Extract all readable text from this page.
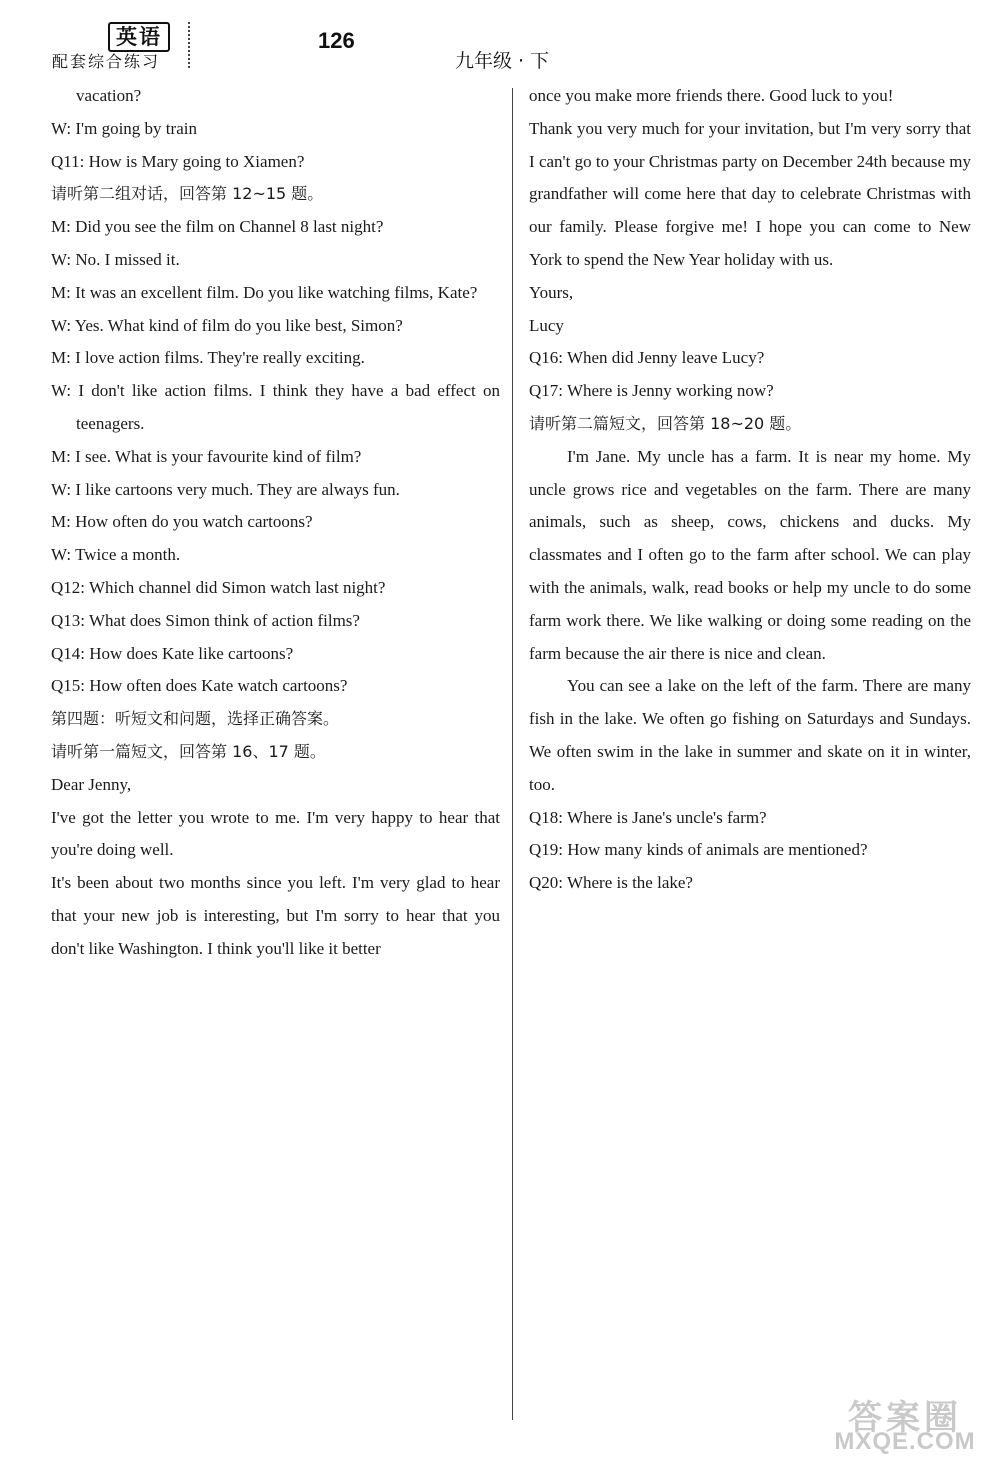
英语
配套综合练习
126
九年级 · 下

vacation?

W: I'm going by train

Q11: How is Mary going to Xiamen?

请听第二组对话，回答第 12~15 题。

M: Did you see the film on Channel 8 last night?

W: No. I missed it.

M: It was an excellent film. Do you like watching films, Kate?

W: Yes. What kind of film do you like best, Simon?

M: I love action films. They're really exciting.

W: I don't like action films. I think they have a bad effect on teenagers.

M: I see. What is your favourite kind of film?

W: I like cartoons very much. They are always fun.

M: How often do you watch cartoons?

W: Twice a month.

Q12: Which channel did Simon watch last night?

Q13: What does Simon think of action films?

Q14: How does Kate like cartoons?

Q15: How often does Kate watch cartoons?

第四题：听短文和问题，选择正确答案。

请听第一篇短文，回答第 16、17 题。

Dear Jenny,

I've got the letter you wrote to me. I'm very happy to hear that you're doing well.

It's been about two months since you left. I'm very glad to hear that your new job is interesting, but I'm sorry to hear that you don't like Washington. I think you'll like it better

once you make more friends there. Good luck to you!

Thank you very much for your invitation, but I'm very sorry that I can't go to your Christmas party on December 24th because my grandfather will come here that day to celebrate Christmas with our family. Please forgive me! I hope you can come to New York to spend the New Year holiday with us.

Yours,

Lucy

Q16: When did Jenny leave Lucy?

Q17: Where is Jenny working now?

请听第二篇短文，回答第 18~20 题。

I'm Jane. My uncle has a farm. It is near my home. My uncle grows rice and vegetables on the farm. There are many animals, such as sheep, cows, chickens and ducks. My classmates and I often go to the farm after school. We can play with the animals, walk, read books or help my uncle to do some farm work there. We like walking or doing some reading on the farm because the air there is nice and clean.

You can see a lake on the left of the farm. There are many fish in the lake. We often go fishing on Saturdays and Sundays. We often swim in the lake in summer and skate on it in winter, too.

Q18: Where is Jane's uncle's farm?

Q19: How many kinds of animals are mentioned?

Q20: Where is the lake?

答案圈
MXQE.COM
